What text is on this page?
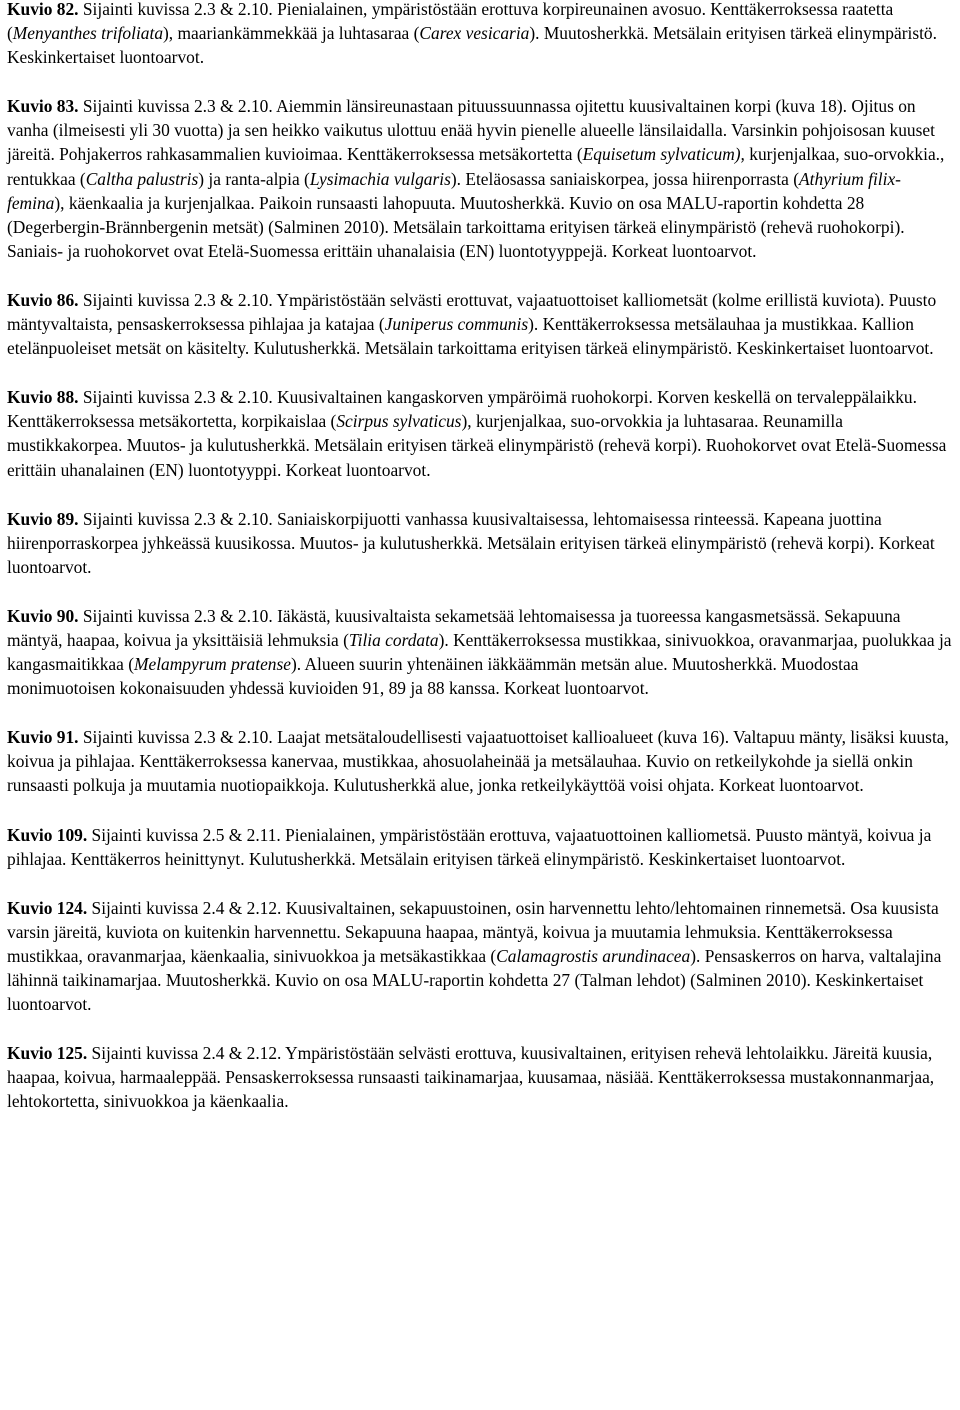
Kuvio 82. Sijainti kuvissa 2.3 & 2.10. Pienialainen, ympäristöstään erottuva korpireunainen avosuo. Kenttäkerroksessa raatetta (Menyanthes trifoliata), maariankämmekkää ja luhtasaraa (Carex vesicaria). Muutosherkkä. Metsälain erityisen tärkeä elinympäristö. Keskinkertaiset luontoarvot.

Kuvio 83. Sijainti kuvissa 2.3 & 2.10. Aiemmin länsireunastaan pituussuunnassa ojitettu kuusivaltainen korpi (kuva 18). Ojitus on vanha (ilmeisesti yli 30 vuotta) ja sen heikko vaikutus ulottuu enää hyvin pienelle alueelle länsilaidalla. Varsinkin pohjoisosan kuuset järeitä. Pohjakerros rahkasammalien kuvioimaa. Kenttäkerroksessa metsäkortetta (Equisetum sylvaticum), kurjenjalkaa, suo-orvokkia., rentukkaa (Caltha palustris) ja ranta-alpia (Lysimachia vulgaris). Eteläosassa saniaiskorpea, jossa hiirenporrasta (Athyrium filix-femina), käenkaalia ja kurjenjalkaa. Paikoin runsaasti lahopuuta. Muutosherkkä. Kuvio on osa MALU-raportin kohdetta 28 (Degerbergin-Brännbergenin metsät) (Salminen 2010). Metsälain tarkoittama erityisen tärkeä elinympäristö (rehevä ruohokorpi). Saniais- ja ruohokorvet ovat Etelä-Suomessa erittäin uhanalaisia (EN) luontotyyppejä. Korkeat luontoarvot.

Kuvio 86. Sijainti kuvissa 2.3 & 2.10. Ympäristöstään selvästi erottuvat, vajaatuottoiset kalliometsät (kolme erillistä kuviota). Puusto mäntyvaltaista, pensaskerroksessa pihlajaa ja katajaa (Juniperus communis). Kenttäkerroksessa metsälauhaa ja mustikkaa. Kallion etelänpuoleiset metsät on käsitelty. Kulutusherkkä. Metsälain tarkoittama erityisen tärkeä elinympäristö. Keskinkertaiset luontoarvot.

Kuvio 88. Sijainti kuvissa 2.3 & 2.10. Kuusivaltainen kangaskorven ympäröimä ruohokorpi. Korven keskellä on tervaleppälaikku. Kenttäkerroksessa metsäkortetta, korpikaislaa (Scirpus sylvaticus), kurjenjalkaa, suo-orvokkia ja luhtasaraa. Reunamilla mustikkakorpea. Muutos- ja kulutusherkkä. Metsälain erityisen tärkeä elinympäristö (rehevä korpi). Ruohokorvet ovat Etelä-Suomessa erittäin uhanalainen (EN) luontotyyppi. Korkeat luontoarvot.

Kuvio 89. Sijainti kuvissa 2.3 & 2.10. Saniaiskorpijuotti vanhassa kuusivaltaisessa, lehtomaisessa rinteessä. Kapeana juottina hiirenporraskorpea jyhkeässä kuusikossa. Muutos- ja kulutusherkkä. Metsälain erityisen tärkeä elinympäristö (rehevä korpi). Korkeat luontoarvot.

Kuvio 90. Sijainti kuvissa 2.3 & 2.10. Iäkästä, kuusivaltaista sekametsää lehtomaisessa ja tuoreessa kangasmetsässä. Sekapuuna mäntyä, haapaa, koivua ja yksittäisiä lehmuksia (Tilia cordata). Kenttäkerroksessa mustikkaa, sinivuokkoa, oravanmarjaa, puolukkaa ja kangasmaitikkaa (Melampyrum pratense). Alueen suurin yhtenäinen iäkkäämmän metsän alue. Muutosherkkä. Muodostaa monimuotoisen kokonaisuuden yhdessä kuvioiden 91, 89 ja 88 kanssa. Korkeat luontoarvot.

Kuvio 91. Sijainti kuvissa 2.3 & 2.10. Laajat metsätaloudellisesti vajaatuottoiset kallioalueet (kuva 16). Valtapuu mänty, lisäksi kuusta, koivua ja pihlajaa. Kenttäkerroksessa kanervaa, mustikkaa, ahosuolaheinää ja metsälauhaa. Kuvio on retkeilykohde ja siellä onkin runsaasti polkuja ja muutamia nuotiopaikkoja. Kulutusherkkä alue, jonka retkeilykäyttöä voisi ohjata. Korkeat luontoarvot.

Kuvio 109. Sijainti kuvissa 2.5 & 2.11. Pienialainen, ympäristöstään erottuva, vajaatuottoinen kalliometsä. Puusto mäntyä, koivua ja pihlajaa. Kenttäkerros heinittynyt. Kulutusherkkä. Metsälain erityisen tärkeä elinympäristö. Keskinkertaiset luontoarvot.

Kuvio 124. Sijainti kuvissa 2.4 & 2.12. Kuusivaltainen, sekapuustoinen, osin harvennettu lehto/lehtomainen rinnemetsä. Osa kuusista varsin järeitä, kuviota on kuitenkin harvennettu. Sekapuuna haapaa, mäntyä, koivua ja muutamia lehmuksia. Kenttäkerroksessa mustikkaa, oravanmarjaa, käenkaalia, sinivuokkoa ja metsäkastikkaa (Calamagrostis arundinacea). Pensaskerros on harva, valtalajina lähinnä taikinamarjaa. Muutosherkkä. Kuvio on osa MALU-raportin kohdetta 27 (Talman lehdot) (Salminen 2010). Keskinkertaiset luontoarvot.

Kuvio 125. Sijainti kuvissa 2.4 & 2.12. Ympäristöstään selvästi erottuva, kuusivaltainen, erityisen rehevä lehtolaikku. Järeitä kuusia, haapaa, koivua, harmaaleppää. Pensaskerroksessa runsaasti taikinamarjaa, kuusamaa, näsiää. Kenttäkerroksessa mustakonnanmarjaa, lehtokortetta, sinivuokkoa ja käenkaalia.
